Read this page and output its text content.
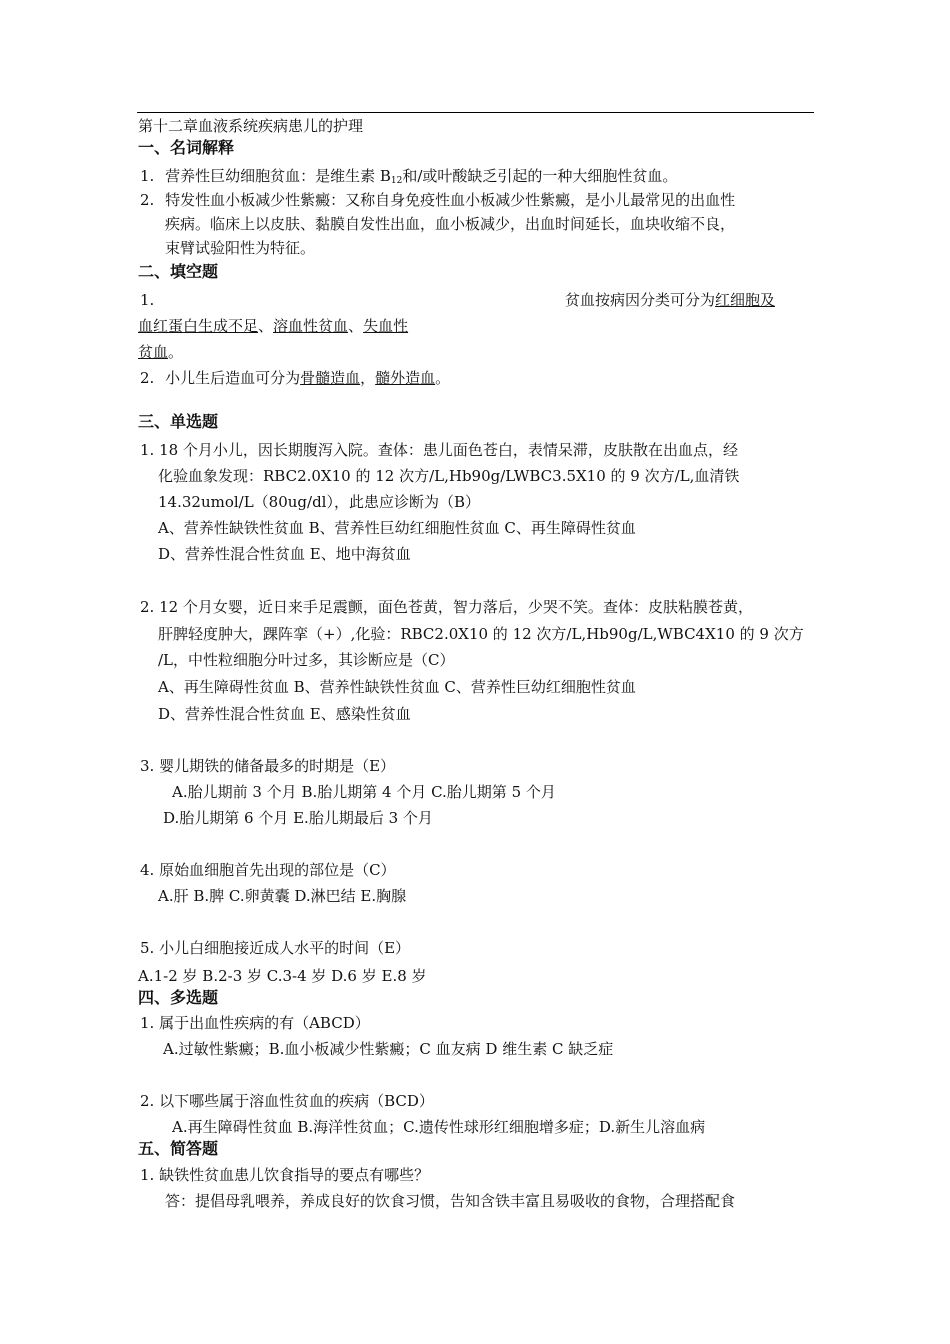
第十二章血液系统疾病患儿的护理
一、名词解释
1. 营养性巨幼细胞贫血：是维生素 $B_{12}$和/或叶酸缺乏引起的一种大细胞性贫血。
2. 特发性血小板减少性紫癜：又称自身免疫性血小板减少性紫癜，是小儿最常见的出血性
疾病。临床上以皮肤、黏膜自发性出血，血小板减少，出血时间延长，血块收缩不良，
束臂试验阳性为特征。
二、填空题
1.	贫血按病因分类可分为红细胞及
血红蛋白生成不足、溶血性贫血、失血性
贫血。
2. 小儿生后造血可分为骨髓造血，髓外造血。
三、单选题
1. 18 个月小儿，因长期腹泻入院。查体：患儿面色苍白，表情呆滞，皮肤散在出血点，经
化验血象发现：RBC2.0X10 的 12 次方/L,Hb90g/LWBC3.5X10 的 9 次方/L,血清铁
14.32umol/L（80ug/dl），此患应诊断为（B）
A、营养性缺铁性贫血 B、营养性巨幼红细胞性贫血 C、再生障碍性贫血
D、营养性混合性贫血 E、地中海贫血
2. 12 个月女婴，近日来手足震颤，面色苍黄，智力落后，少哭不笑。查体：皮肤粘膜苍黄，
肝脾轻度肿大，踝阵挛（+）,化验：RBC2.0X10 的 12 次方/L,Hb90g/L,WBC4X10 的 9 次方
/L，中性粒细胞分叶过多，其诊断应是（C）
A、再生障碍性贫血 B、营养性缺铁性贫血 C、营养性巨幼红细胞性贫血
D、营养性混合性贫血 E、感染性贫血
3. 婴儿期铁的储备最多的时期是（E）
A.胎儿期前 3 个月 B.胎儿期第 4 个月 C.胎儿期第 5 个月
D.胎儿期第 6 个月 E.胎儿期最后 3 个月
4. 原始血细胞首先出现的部位是（C）
A.肝 B.脾 C.卵黄囊 D.淋巴结 E.胸腺
5. 小儿白细胞接近成人水平的时间（E）
A.1-2 岁 B.2-3 岁 C.3-4 岁 D.6 岁 E.8 岁
四、多选题
1. 属于出血性疾病的有（ABCD）
A.过敏性紫癜；B.血小板减少性紫癜；C 血友病 D 维生素 C 缺乏症
2. 以下哪些属于溶血性贫血的疾病（BCD）
A.再生障碍性贫血 B.海洋性贫血；C.遗传性球形红细胞增多症；D.新生儿溶血病
五、简答题
1. 缺铁性贫血患儿饮食指导的要点有哪些？
答：提倡母乳喂养，养成良好的饮食习惯，告知含铁丰富且易吸收的食物，合理搭配食
